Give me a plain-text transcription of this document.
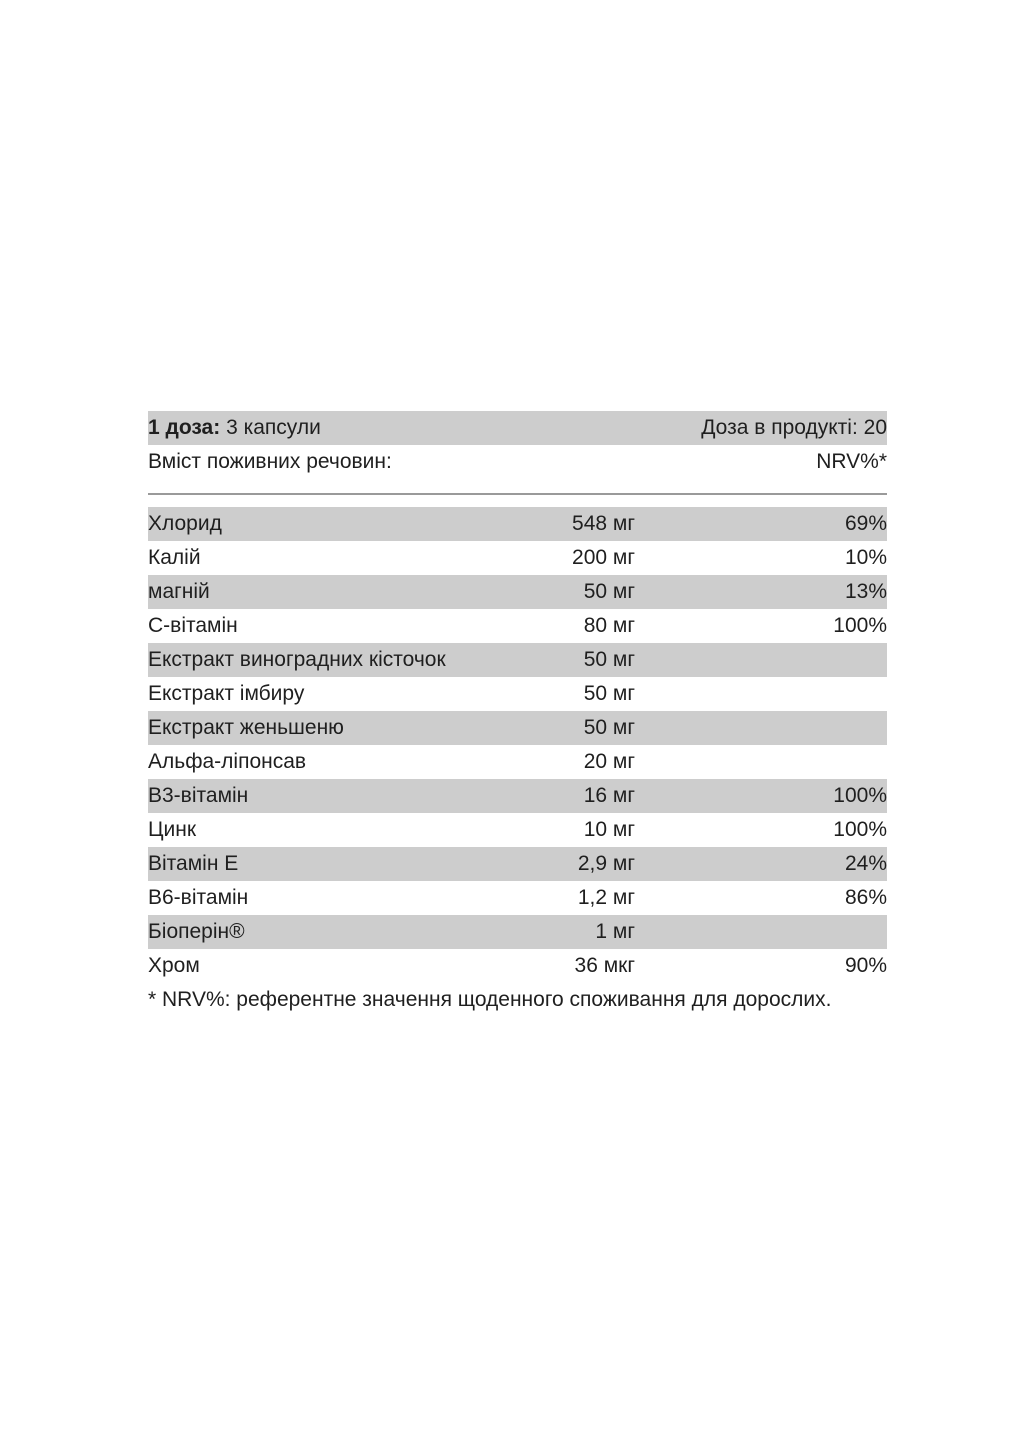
1 доза: 3 капсули	Доза в продукті: 20
Вміст поживних речовин:	NRV%*
Хлорид	548 мг	69%
Калій	200 мг	10%
магній	50 мг	13%
С-вітамін	80 мг	100%
Екстракт виноградних кісточок	50 мг
Екстракт імбиру	50 мг
Екстракт женьшеню	50 мг
Альфа-ліпонсав	20 мг
В3-вітамін	16 мг	100%
Цинк	10 мг	100%
Вітамін Е	2,9 мг	24%
В6-вітамін	1,2 мг	86%
Біоперін®	1 мг
Хром	36 мкг	90%
* NRV%: референтне значення щоденного споживання для дорослих.
